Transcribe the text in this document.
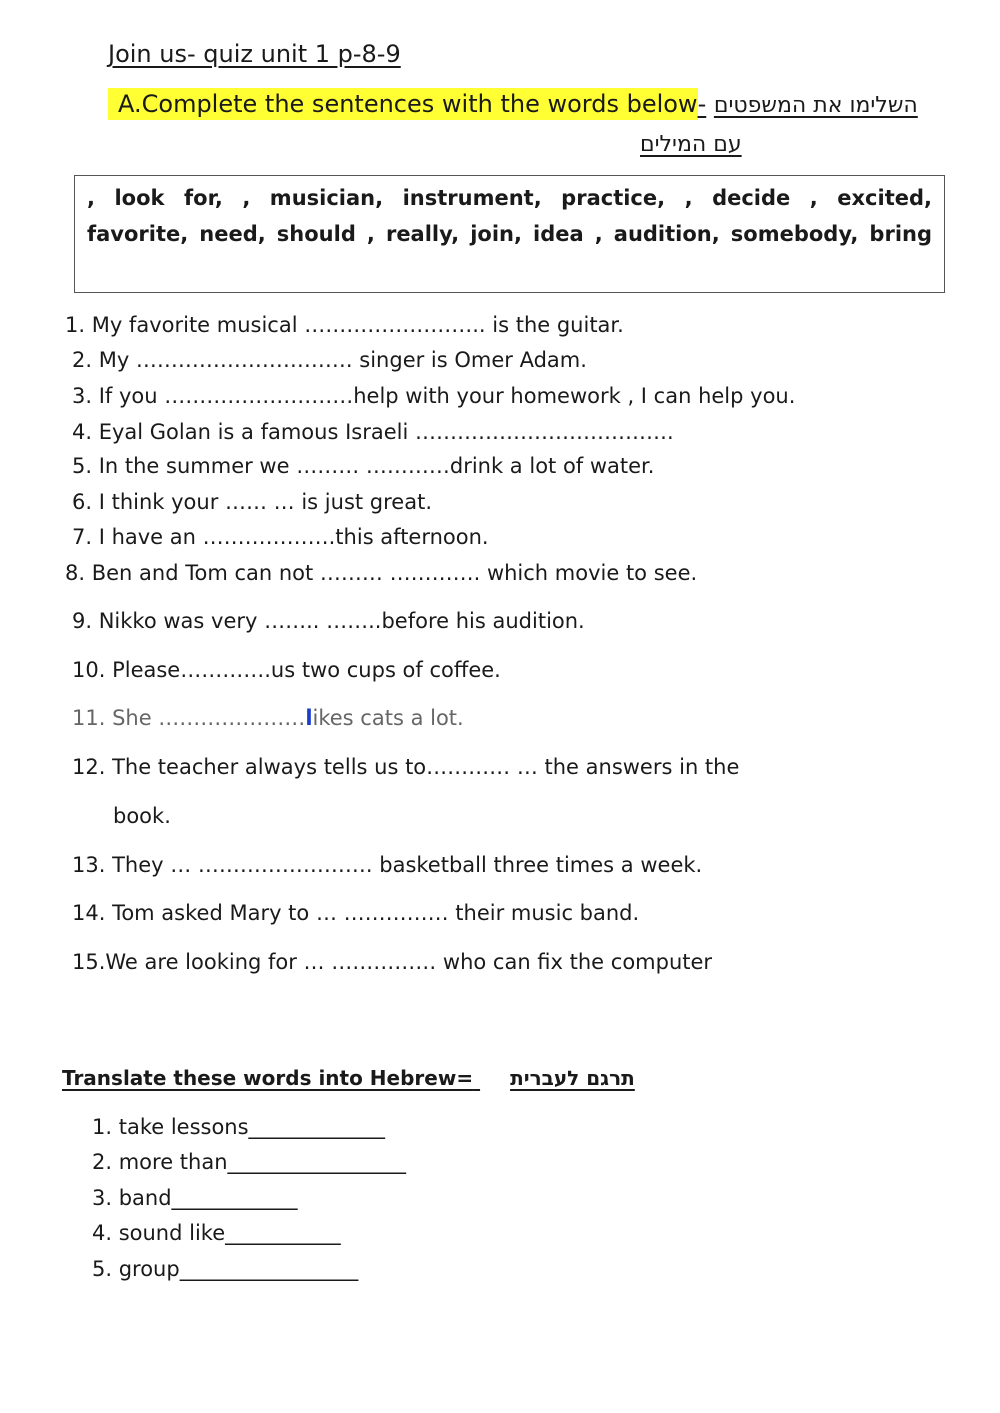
Join us- quiz unit 1 p-8-9
A.Complete the sentences with the words below- השלימו את המשפטים
עם המילים
, look for, , musician, instrument, practice, , decide , excited,
favorite, need, should , really, join, idea , audition, somebody, bring
1. My favorite musical …………………….. is the guitar.
2. My …………………………. singer is Omer Adam.
3. If you ………………………help with your homework , I can help you.
4. Eyal Golan is a famous Israeli ……………………………….
5. In the summer we ……… …………drink a lot of water.
6. I think your …… … is just great.
7. I have an ……………….this afternoon.
8. Ben and Tom can not ……… …………. which movie to see.
9. Nikko was very …….. ……..before his audition.
10. Please………….us two cups of coffee.
11. She …………………likes cats a lot.
12. The teacher always tells us to………… … the answers in the
book.
13. They … ……………………. basketball three times a week.
14. Tom asked Mary to … …………… their music band.
15.We are looking for … …………… who can fix the computer
Translate these words into Hebrew= תרגם לעברית
1. take lessons_____________
2. more than_________________
3. band____________
4. sound like___________
5. group_________________
